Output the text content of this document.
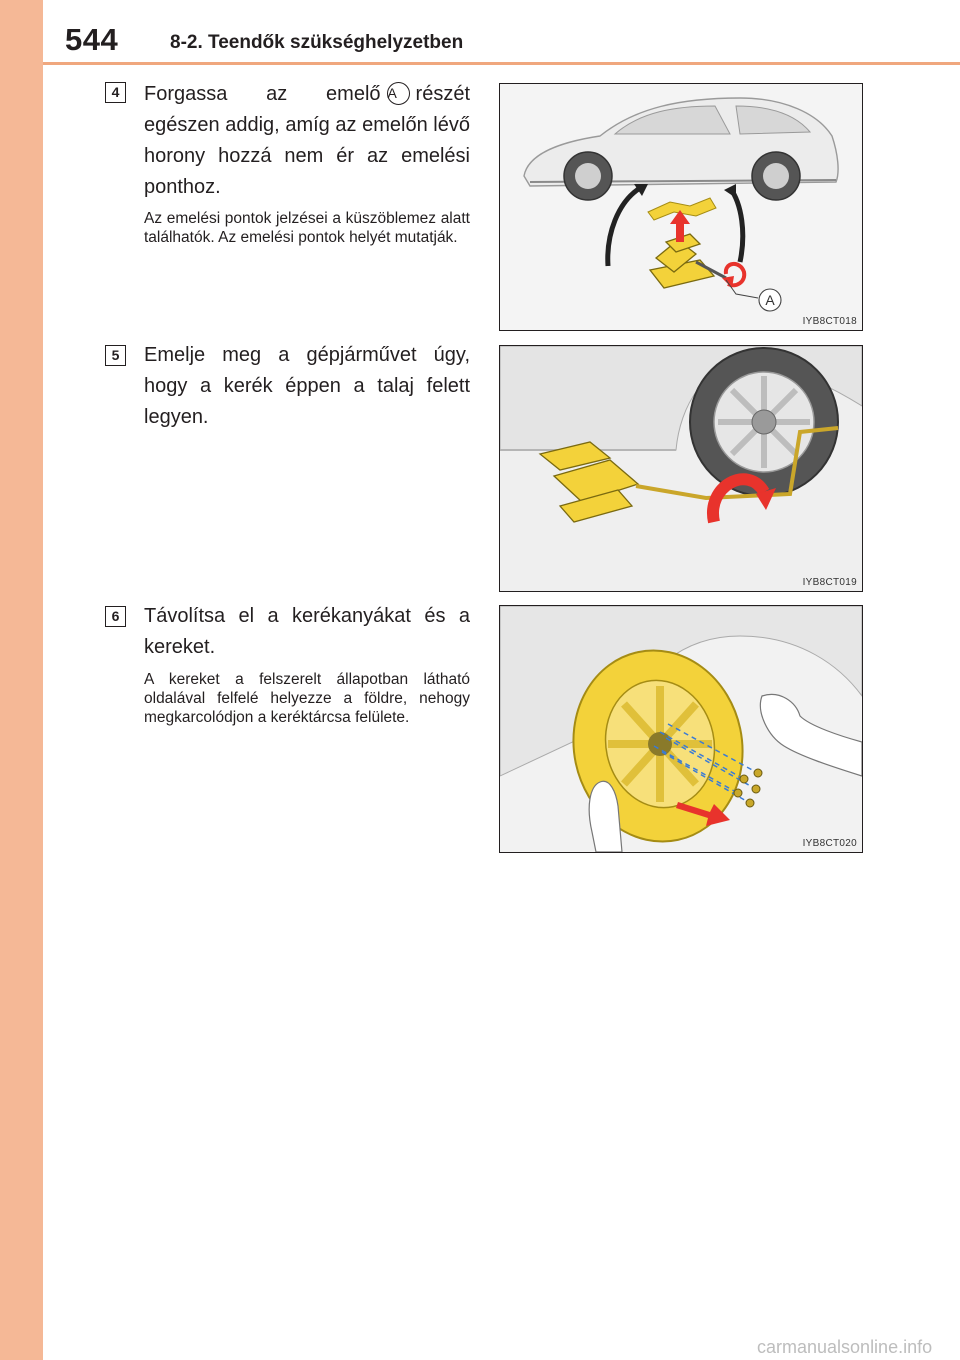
544	8-2. Teendők szükséghelyzetben
4	Forgassa az emelő A részét egészen addig, amíg az emelőn lévő horony hozzá nem ér az emelési ponthoz.
Az emelési pontok jelzései a küszöblemez alatt találhatók. Az emelési pontok helyét mutatják.
A
IYB8CT018
5	Emelje meg a gépjárművet úgy, hogy a kerék éppen a talaj felett legyen.
IYB8CT019
6	Távolítsa el a kerékanyákat és a kereket.
A kereket a felszerelt állapotban látható oldalával felfelé helyezze a földre, nehogy megkarcolódjon a keréktárcsa felülete.
IYB8CT020
carmanualsonline.info
